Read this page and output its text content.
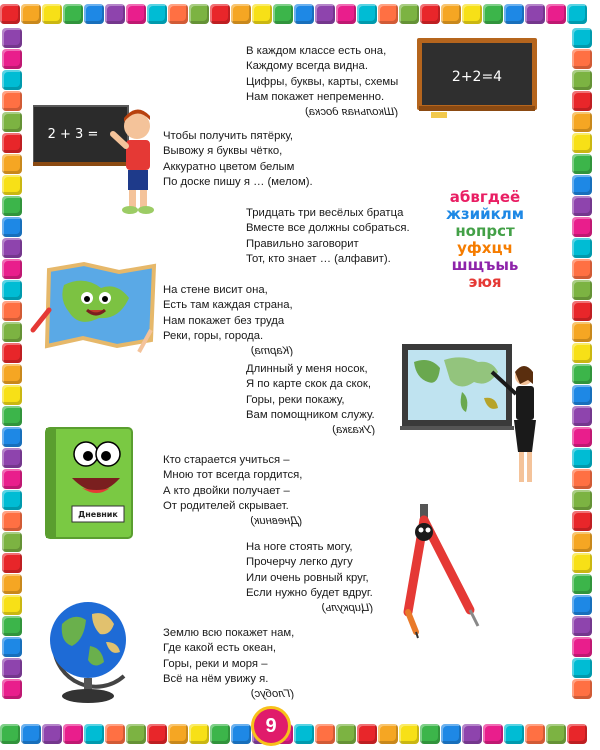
В каждом классе есть она,
Каждому всегда видна.
Цифры, буквы, карты, схемы
Нам покажет непременно.
(Школьная доска)
Чтобы получить пятёрку,
Вывожу я буквы чётко,
Аккуратно цветом белым
По доске пишу я … (мелом).
Тридцать три весёлых братца
Вместе все должны собраться.
Правильно заговорит
Тот, кто знает … (алфавит).
На стене висит она,
Есть там каждая страна,
Нам покажет без труда
Реки, горы, города.
(Карта)
Длинный у меня носок,
Я по карте скок да скок,
Горы, реки покажу,
Вам помощником служу.
(Указка)
Кто старается учиться –
Мною тот всегда гордится,
А кто двойки получает –
От родителей скрывает.
(Дневник)
На ноге стоять могу,
Прочерчу легко дугу
Или очень ровный круг,
Если нужно будет вдруг.
(Циркуль)
Землю всю покажет нам,
Где какой есть океан,
Горы, реки и моря –
Всё на нём увижу я.
(Глобус)
2+2=4
2 + 3 =
абвгдеё
жзийклм
нопрст
уфхцч
шщъыь
эюя
Дневник
9
